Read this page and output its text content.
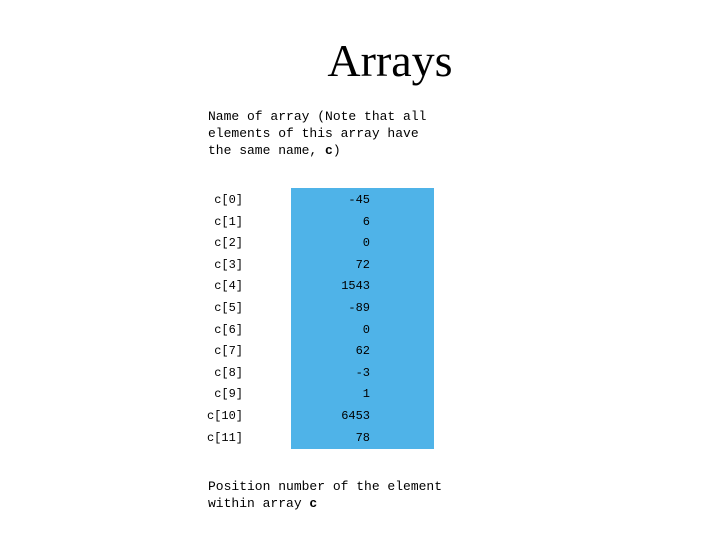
Arrays
Name of array (Note that all
elements of this array have
the same name, c)
c[0]	-45
c[1]	6
c[2]	0
c[3]	72
c[4]	1543
c[5]	-89
c[6]	0
c[7]	62
c[8]	-3
c[9]	1
c[10]	6453
c[11]	78
Position number of the element
within array c
